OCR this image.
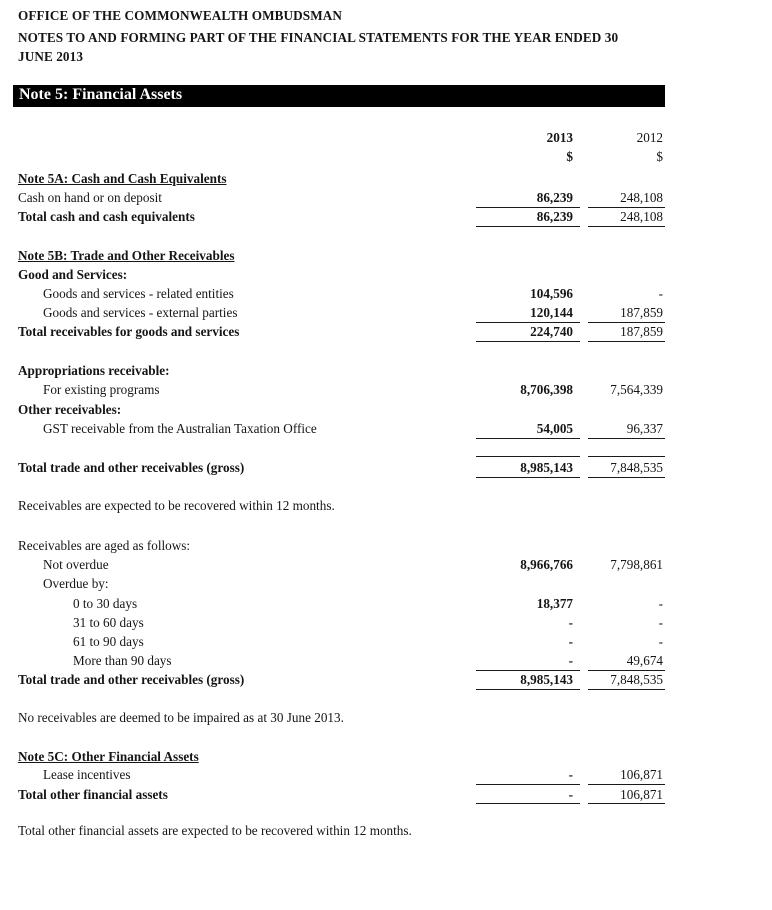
OFFICE OF THE COMMONWEALTH OMBUDSMAN
NOTES TO AND FORMING PART OF THE FINANCIAL STATEMENTS FOR THE YEAR ENDED 30
JUNE 2013
Note 5: Financial Assets
2013	2012
$	$
Note 5A: Cash and Cash Equivalents
Cash on hand or on deposit	86,239	248,108
Total cash and cash equivalents	86,239	248,108
Note 5B: Trade and Other Receivables
Good and Services:
Goods and services - related entities	104,596	-
Goods and services - external parties	120,144	187,859
Total receivables for goods and services	224,740	187,859
Appropriations receivable:
For existing programs	8,706,398	7,564,339
Other receivables:
GST receivable from the Australian Taxation Office	54,005	96,337
Total trade and other receivables (gross)	8,985,143	7,848,535
Receivables are expected to be recovered within 12 months.
Receivables are aged as follows:
Not overdue	8,966,766	7,798,861
Overdue by:
0 to 30 days	18,377	-
31 to 60 days	-	-
61 to 90 days	-	-
More than 90 days	-	49,674
Total trade and other receivables (gross)	8,985,143	7,848,535
No receivables are deemed to be impaired as at 30 June 2013.
Note 5C: Other Financial Assets
Lease incentives	-	106,871
Total other financial assets	-	106,871
Total other financial assets are expected to be recovered within 12 months.
